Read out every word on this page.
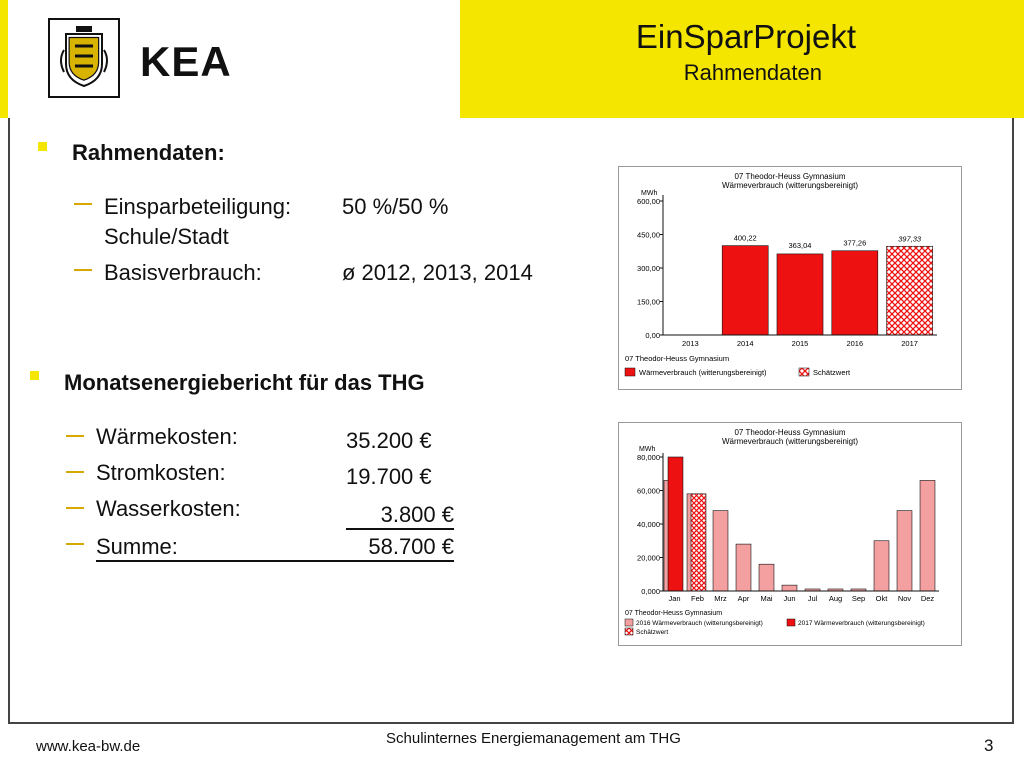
KEA
EinSparProjekt
Rahmendaten
Rahmendaten:
Einsparbeteiligung: 50 %/50 %
Schule/Stadt
Basisverbrauch:	ø 2012, 2013, 2014
Monatsenergiebericht für das THG
Wärmekosten:	35.200 €
Stromkosten:	19.700 €
Wasserkosten:	3.800 €
Summe:	58.700 €
07 Theodor-Heuss Gymnasium
Wärmeverbrauch (witterungsbereinigt)
MWh
0,00
150,00
300,00
450,00
600,00
400,22
363,04	377,26	397,33
2013	2014	2015	2016	2017
07 Theodor-Heuss Gymnasium
Wärmeverbrauch (witterungsbereinigt)	Schätzwert
07 Theodor-Heuss Gymnasium
Wärmeverbrauch (witterungsbereinigt)
MWh
0,000
20,000
40,000
60,000
80,000
Jan Feb Mrz Apr Mai Jun Jul Aug Sep Okt Nov Dez
07 Theodor-Heuss Gymnasium
2016 Wärmeverbrauch (witterungsbereinigt)	2017 Wärmeverbrauch (witterungsbereinigt)
Schätzwert
www.kea-bw.de	Schulinternes Energiemanagement am THG	3
